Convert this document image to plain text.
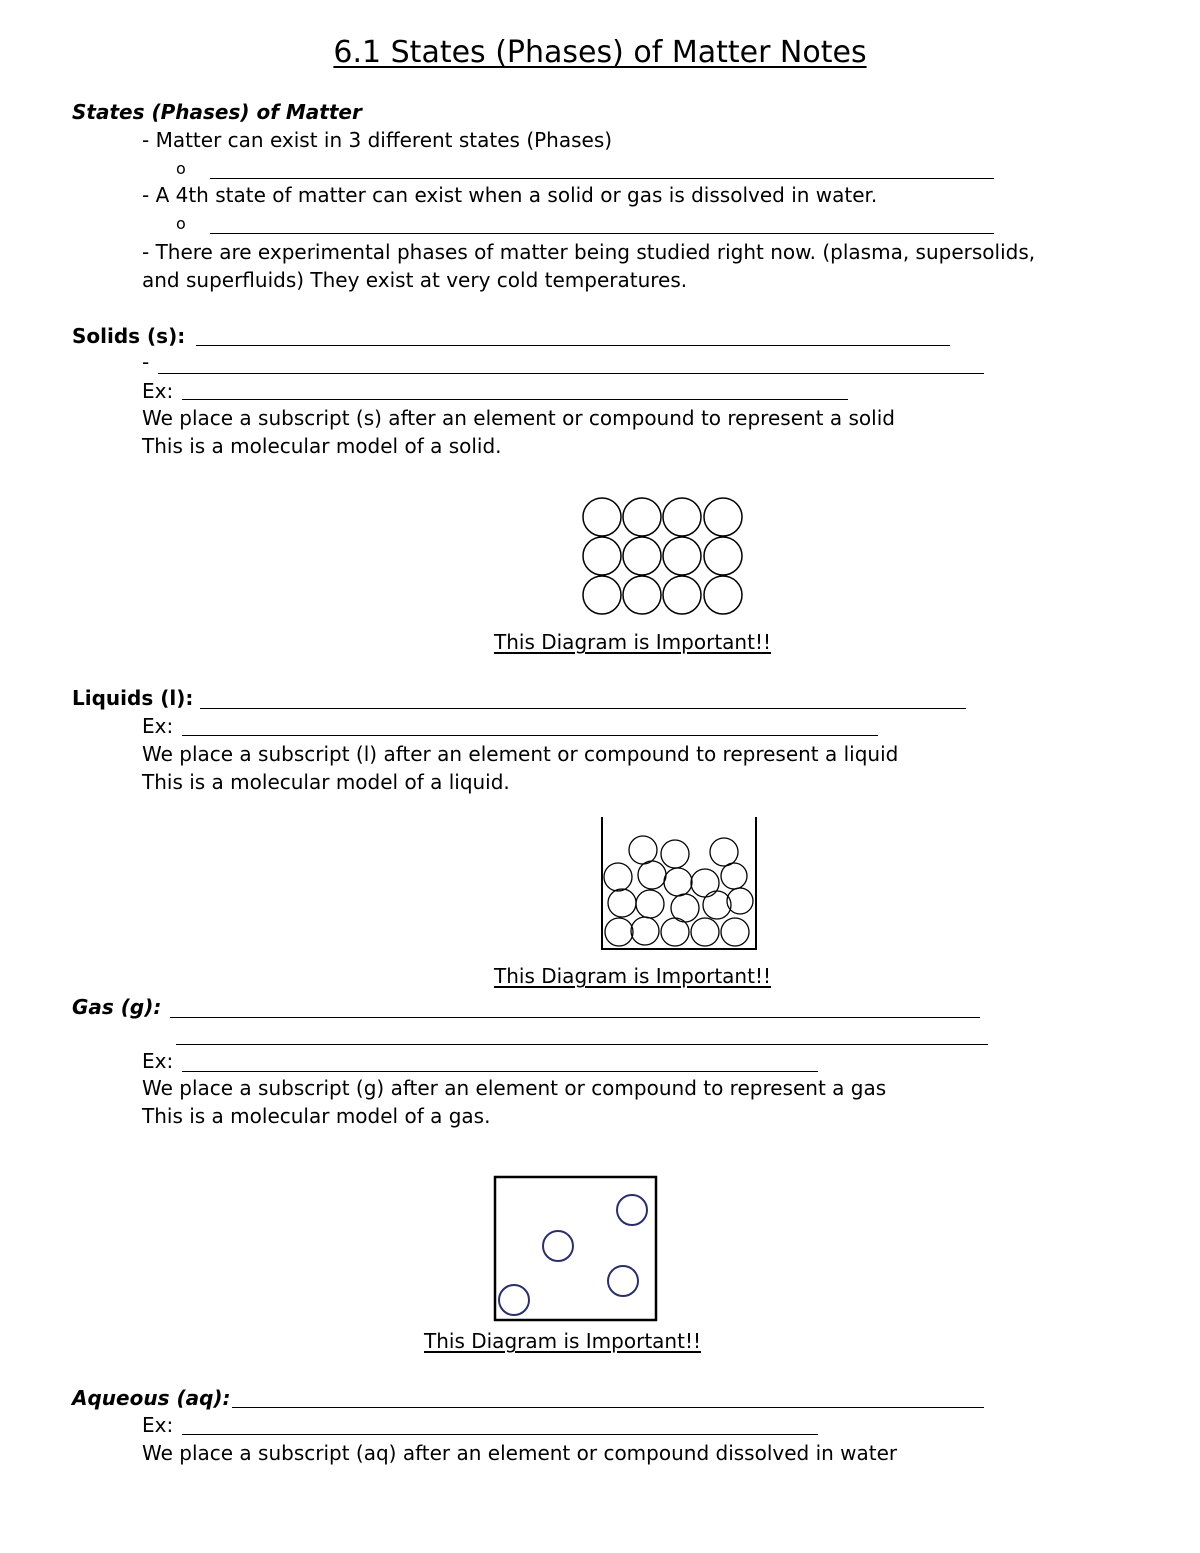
6.1 States (Phases) of Matter Notes
States (Phases) of Matter
- Matter can exist in 3 different states (Phases)
o
- A 4th state of matter can exist when a solid or gas is dissolved in water.
o
- There are experimental phases of matter being studied right now. (plasma, supersolids,
and superfluids) They exist at very cold temperatures.
Solids (s):
-
Ex:
We place a subscript (s) after an element or compound to represent a solid
This is a molecular model of a solid.
This Diagram is Important!!
Liquids (l):
Ex:
We place a subscript (l) after an element or compound to represent a liquid
This is a molecular model of a liquid.
This Diagram is Important!!
Gas (g):
Ex:
We place a subscript (g) after an element or compound to represent a gas
This is a molecular model of a gas.
This Diagram is Important!!
Aqueous (aq):
Ex:
We place a subscript (aq) after an element or compound dissolved in water
